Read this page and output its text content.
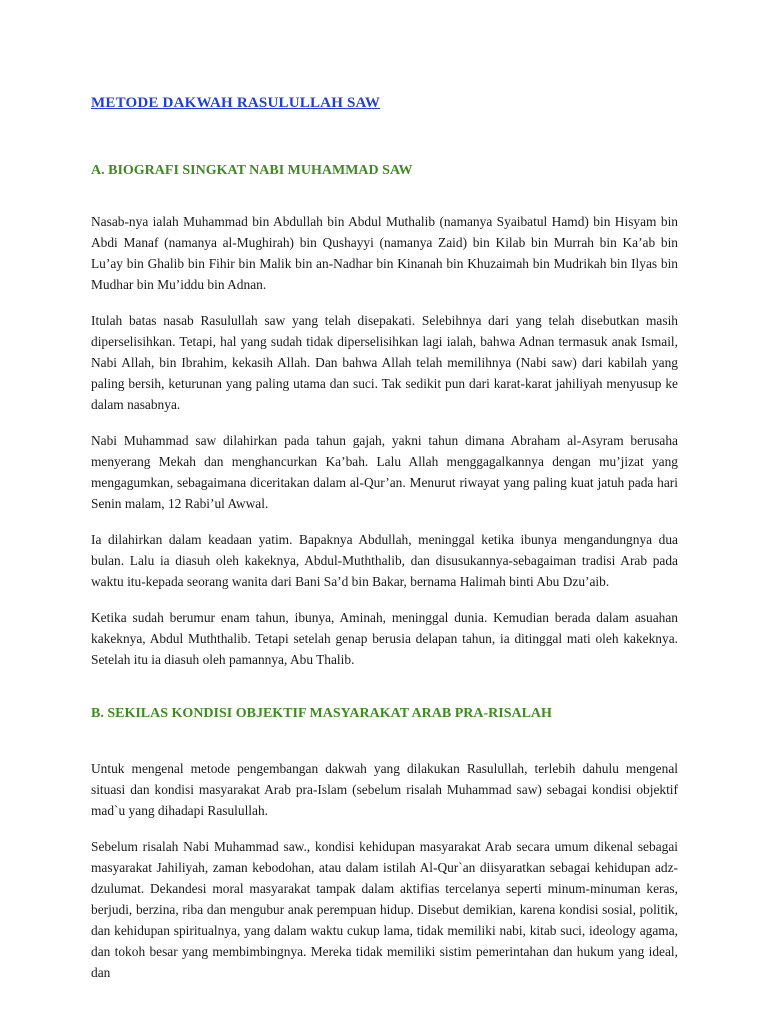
METODE DAKWAH RASULULLAH SAW
A. BIOGRAFI SINGKAT NABI MUHAMMAD SAW

Nasab-nya ialah Muhammad bin Abdullah bin Abdul Muthalib (namanya Syaibatul Hamd) bin Hisyam bin Abdi Manaf (namanya al-Mughirah) bin Qushayyi (namanya Zaid) bin Kilab bin Murrah bin Ka’ab bin Lu’ay bin Ghalib bin Fihir bin Malik bin an-Nadhar bin Kinanah bin Khuzaimah bin Mudrikah bin Ilyas bin Mudhar bin Mu’iddu bin Adnan.

Itulah batas nasab Rasulullah saw yang telah disepakati. Selebihnya dari yang telah disebutkan masih diperselisihkan. Tetapi, hal yang sudah tidak diperselisihkan lagi ialah, bahwa Adnan termasuk anak Ismail, Nabi Allah, bin Ibrahim, kekasih Allah. Dan bahwa Allah telah memilihnya (Nabi saw) dari kabilah yang paling bersih, keturunan yang paling utama dan suci. Tak sedikit pun dari karat-karat jahiliyah menyusup ke dalam nasabnya.

Nabi Muhammad saw dilahirkan pada tahun gajah, yakni tahun dimana Abraham al-Asyram berusaha menyerang Mekah dan menghancurkan Ka’bah. Lalu Allah menggagalkannya dengan mu’jizat yang mengagumkan, sebagaimana diceritakan dalam al-Qur’an. Menurut riwayat yang paling kuat jatuh pada hari Senin malam, 12 Rabi’ul Awwal.

Ia dilahirkan dalam keadaan yatim. Bapaknya Abdullah, meninggal ketika ibunya mengandungnya dua bulan. Lalu ia diasuh oleh kakeknya, Abdul-Muththalib, dan disusukannya-sebagaiman tradisi Arab pada waktu itu-kepada seorang wanita dari Bani Sa’d bin Bakar, bernama Halimah binti Abu Dzu’aib.

Ketika sudah berumur enam tahun, ibunya, Aminah, meninggal dunia. Kemudian berada dalam asuahan kakeknya, Abdul Muththalib. Tetapi setelah genap berusia delapan tahun, ia ditinggal mati oleh kakeknya. Setelah itu ia diasuh oleh pamannya, Abu Thalib.

B. SEKILAS KONDISI OBJEKTIF MASYARAKAT ARAB PRA-RISALAH

Untuk mengenal metode pengembangan dakwah yang dilakukan Rasulullah, terlebih dahulu mengenal situasi dan kondisi masyarakat Arab pra-Islam (sebelum risalah Muhammad saw) sebagai kondisi objektif mad`u yang dihadapi Rasulullah.

Sebelum risalah Nabi Muhammad saw., kondisi kehidupan masyarakat Arab secara umum dikenal sebagai masyarakat Jahiliyah, zaman kebodohan, atau dalam istilah Al-Qur`an diisyaratkan sebagai kehidupan adz-dzulumat. Dekandesi moral masyarakat tampak dalam aktifias tercelanya seperti minum-minuman keras, berjudi, berzina, riba dan mengubur anak perempuan hidup. Disebut demikian, karena kondisi sosial, politik, dan kehidupan spiritualnya, yang dalam waktu cukup lama, tidak memiliki nabi, kitab suci, ideology agama, dan tokoh besar yang membimbingnya. Mereka tidak memiliki sistim pemerintahan dan hukum yang ideal, dan
